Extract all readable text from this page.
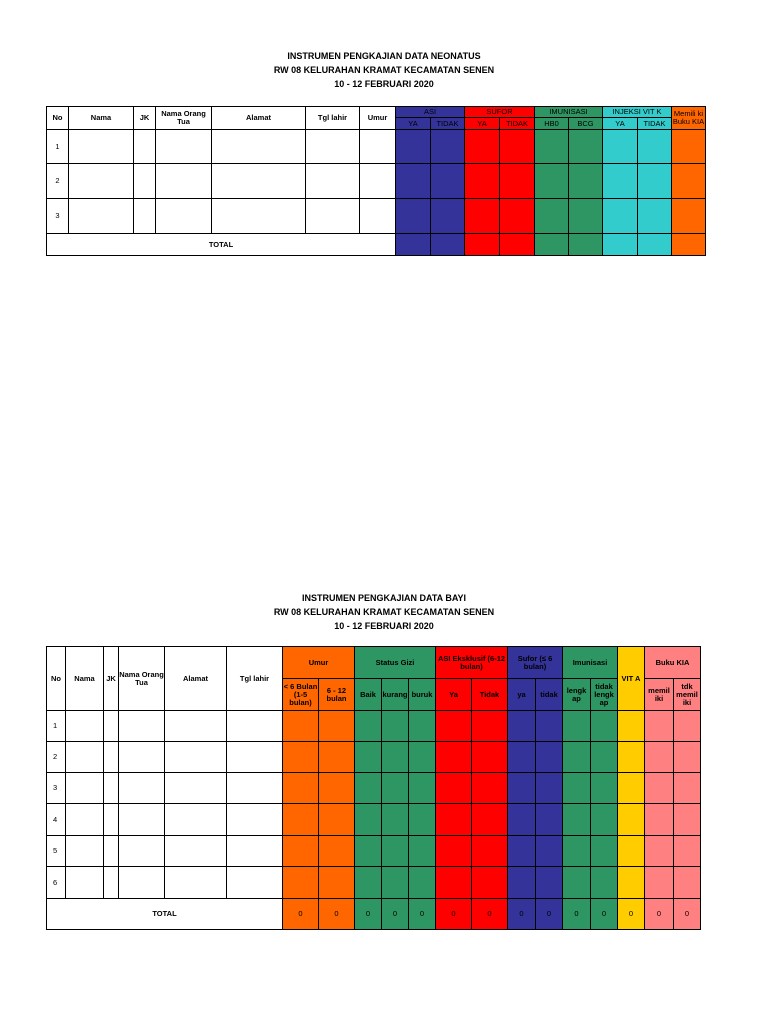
INSTRUMEN PENGKAJIAN DATA NEONATUS
RW 08 KELURAHAN KRAMAT KECAMATAN SENEN
10 - 12 FEBRUARI 2020
No	Nama	JK	Nama Orang Tua	Alamat	Tgl lahir	Umur	ASI		SUFOR		IMUNISASI		INJEKSI VIT K		Memili ki Buku KIA
							YA	TIDAK	YA	TIDAK	HB0	BCG	YA	TIDAK	
1															
2															
3															
TOTAL															
INSTRUMEN PENGKAJIAN DATA BAYI
RW 08 KELURAHAN KRAMAT KECAMATAN SENEN
10 - 12 FEBRUARI 2020
No	Nama	JK	Nama Orang Tua	Alamat	Tgl lahir	Umur		Status Gizi			ASI Eksklusif (6-12 bulan)		Sufor (≤ 6 bulan)		Imunisasi		VIT A	Buku KIA	
						< 6 Bulan (1-5 bulan)	6 - 12 bulan	Baik	kurang	buruk	Ya	Tidak	ya	tidak	lengk ap	tidak lengk ap		memil iki	tdk memil iki
1																			
2																			
3																			
4																			
5																			
6																			
TOTAL						0	0	0	0	0	0	0	0	0	0	0	0	0	0
